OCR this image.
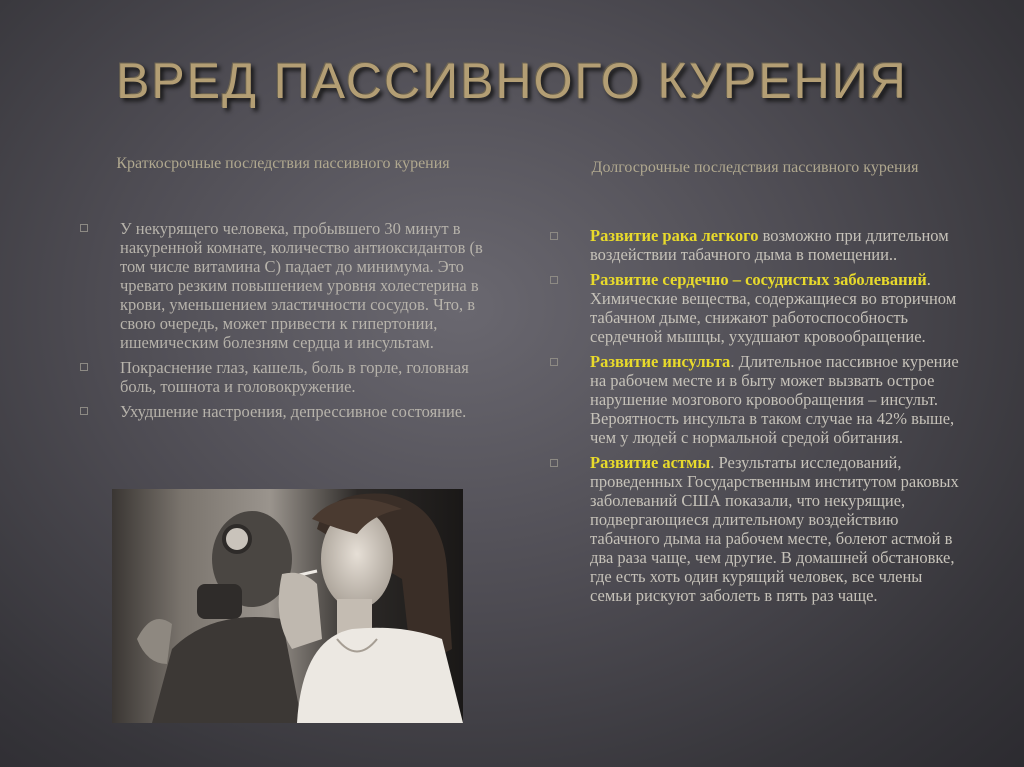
ВРЕД ПАССИВНОГО КУРЕНИЯ
Краткосрочные последствия пассивного курения	Долгосрочные последствия пассивного курения
У некурящего человека, пробывшего 30 минут в накуренной комнате, количество антиоксидантов (в том числе витамина С) падает до минимума. Это чревато резким повышением уровня холестерина в крови, уменьшением эластичности сосудов. Что, в свою очередь, может привести к гипертонии, ишемическим болезням сердца и инсультам.
Покраснение глаз, кашель, боль в горле, головная боль, тошнота и головокружение.
Ухудшение настроения, депрессивное состояние.
Развитие рака легкого возможно при длительном воздействии табачного дыма в помещении..
Развитие сердечно – сосудистых заболеваний. Химические вещества, содержащиеся во вторичном табачном дыме, снижают работоспособность сердечной мышцы, ухудшают кровообращение.
Развитие инсульта. Длительное пассивное курение на рабочем месте и в быту может вызвать острое нарушение мозгового кровообращения – инсульт. Вероятность инсульта в таком случае на 42% выше, чем у людей с нормальной средой обитания.
Развитие астмы. Результаты исследований, проведенных Государственным институтом раковых заболеваний США показали, что некурящие, подвергающиеся длительному воздействию табачного дыма на рабочем месте, болеют астмой в два раза чаще, чем другие. В домашней обстановке, где есть хоть один курящий человек, все члены семьи рискуют заболеть в пять раз чаще.
